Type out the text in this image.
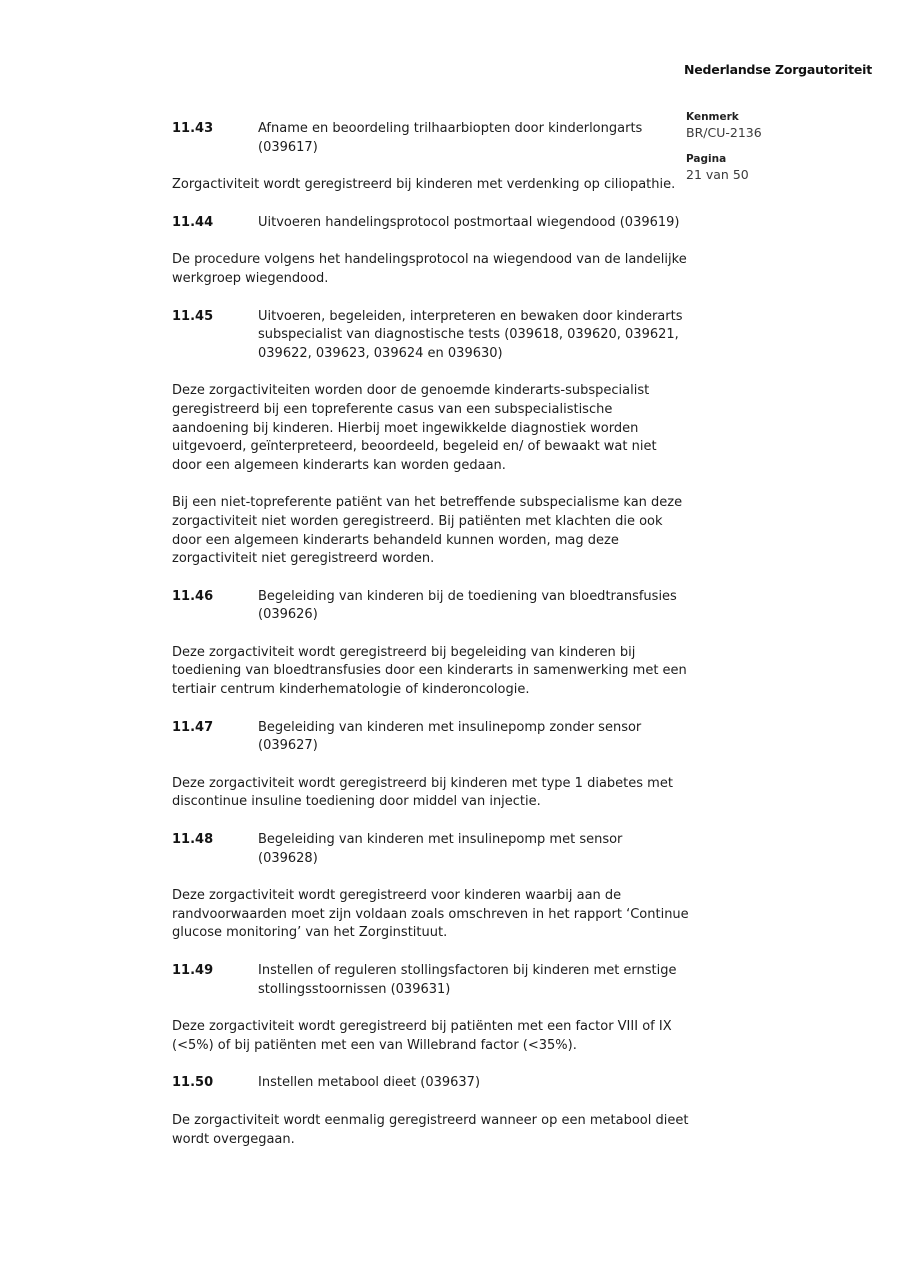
Nederlandse Zorgautoriteit
Kenmerk
BR/CU-2136
Pagina
21 van 50
11.43	Afname en beoordeling trilhaarbiopten door kinderlongarts (039617)

Zorgactiviteit wordt geregistreerd bij kinderen met verdenking op ciliopathie.

11.44	Uitvoeren handelingsprotocol postmortaal wiegendood (039619)

De procedure volgens het handelingsprotocol na wiegendood van de landelijke werkgroep wiegendood.

11.45	Uitvoeren, begeleiden, interpreteren en bewaken door kinderarts subspecialist van diagnostische tests (039618, 039620, 039621, 039622, 039623, 039624 en 039630)

Deze zorgactiviteiten worden door de genoemde kinderarts-subspecialist geregistreerd bij een topreferente casus van een subspecialistische aandoening bij kinderen. Hierbij moet ingewikkelde diagnostiek worden uitgevoerd, geïnterpreteerd, beoordeeld, begeleid en/ of bewaakt wat niet door een algemeen kinderarts kan worden gedaan.

Bij een niet-topreferente patiënt van het betreffende subspecialisme kan deze zorgactiviteit niet worden geregistreerd. Bij patiënten met klachten die ook door een algemeen kinderarts behandeld kunnen worden, mag deze zorgactiviteit niet geregistreerd worden.

11.46	Begeleiding van kinderen bij de toediening van bloedtransfusies (039626)

Deze zorgactiviteit wordt geregistreerd bij begeleiding van kinderen bij toediening van bloedtransfusies door een kinderarts in samenwerking met een tertiair centrum kinderhematologie of kinderoncologie.

11.47	Begeleiding van kinderen met insulinepomp zonder sensor (039627)

Deze zorgactiviteit wordt geregistreerd bij kinderen met type 1 diabetes met discontinue insuline toediening door middel van injectie.

11.48	Begeleiding van kinderen met insulinepomp met sensor (039628)

Deze zorgactiviteit wordt geregistreerd voor kinderen waarbij aan de randvoorwaarden moet zijn voldaan zoals omschreven in het rapport ‘Continue glucose monitoring’ van het Zorginstituut.

11.49	Instellen of reguleren stollingsfactoren bij kinderen met ernstige stollingsstoornissen (039631)

Deze zorgactiviteit wordt geregistreerd bij patiënten met een factor VIII of IX (<5%) of bij patiënten met een van Willebrand factor (<35%).

11.50	Instellen metabool dieet (039637)

De zorgactiviteit wordt eenmalig geregistreerd wanneer op een metabool dieet wordt overgegaan.
